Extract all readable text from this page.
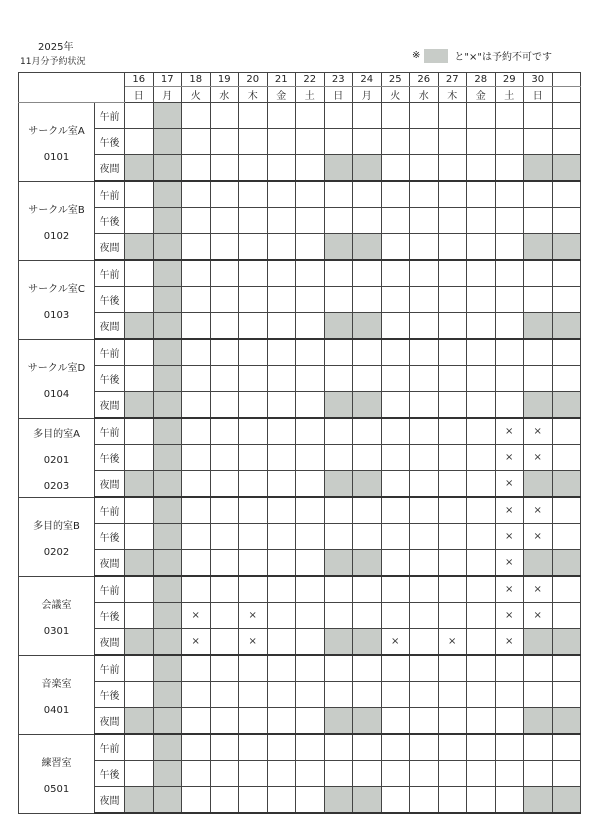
2025年
11月分予約状況
※	と"×"は予約不可です
		16	17	18	19	20	21	22	23	24	25	26	27	28	29	30	
		日	月	火	水	木	金	土	日	月	火	水	木	金	土	日	

サークル室A
0101	午前																
	午後																
	夜間																

サークル室B
0102	午前																
	午後																
	夜間																

サークル室C
0103	午前																
	午後																
	夜間																

サークル室D
0104	午前																
	午後																
	夜間																

多目的室A
0201
0203	午前														×	×	
	午後														×	×	
	夜間														×		

多目的室B
0202	午前														×	×	
	午後														×	×	
	夜間														×		

会議室
0301	午前														×	×	
	午後			×		×									×	×	
	夜間			×		×					×		×		×		

音楽室
0401	午前																
	午後																
	夜間																

練習室
0501	午前																
	午後																
	夜間																
